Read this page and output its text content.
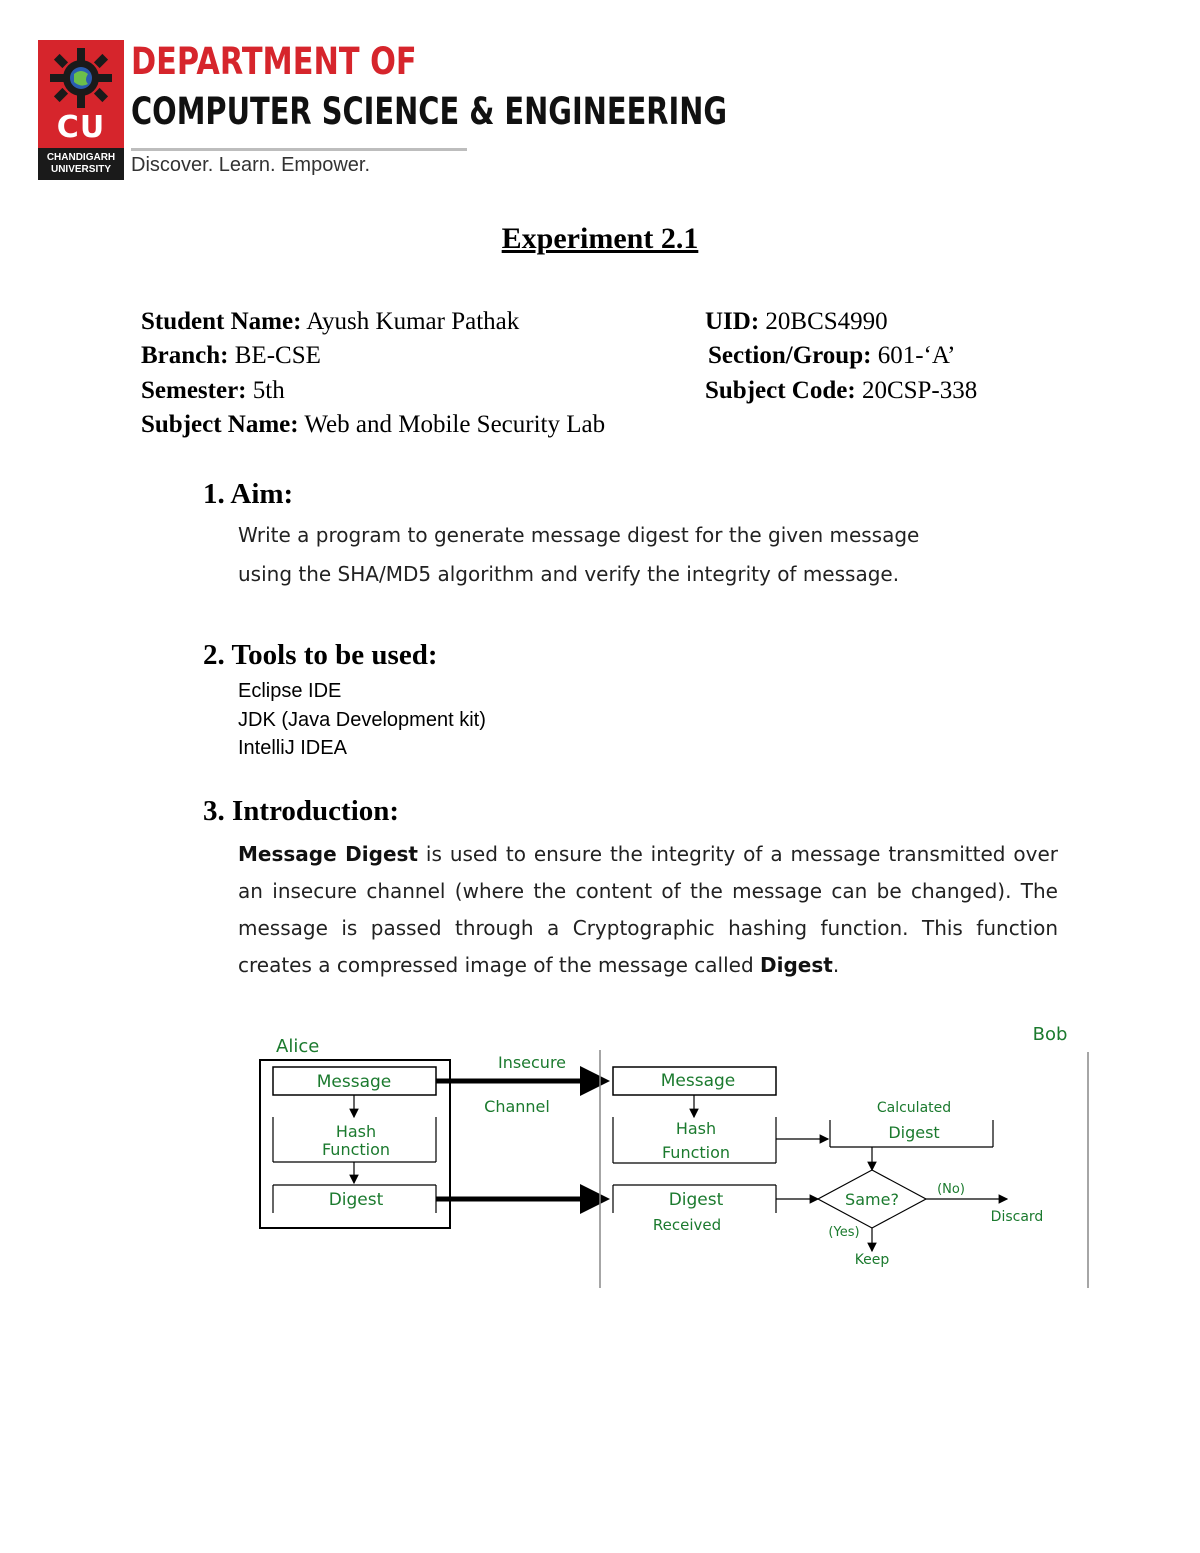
CU
CHANDIGARH UNIVERSITY
DEPARTMENT OF
COMPUTER SCIENCE & ENGINEERING
Discover. Learn. Empower.
Experiment 2.1
Student Name: Ayush Kumar Pathak	UID: 20BCS4990
Branch: BE-CSE	Section/Group: 601-‘A’
Semester: 5th	Subject Code: 20CSP-338
Subject Name: Web and Mobile Security Lab
1. Aim:
Write a program to generate message digest for the given message
using the SHA/MD5 algorithm and verify the integrity of message.
2. Tools to be used:
Eclipse IDE
JDK (Java Development kit)
IntelliJ IDEA
3. Introduction:
Message Digest is used to ensure the integrity of a message transmitted over an insecure channel (where the content of the message can be changed). The message is passed through a Cryptographic hashing function. This function creates a compressed image of the message called Digest.
Alice
Message
Hash
Function
Digest
Insecure
Channel
Bob
Message
Hash
Function
Calculated
Digest
Digest
Received
Same?
(No)
Discard
(Yes)
Keep
